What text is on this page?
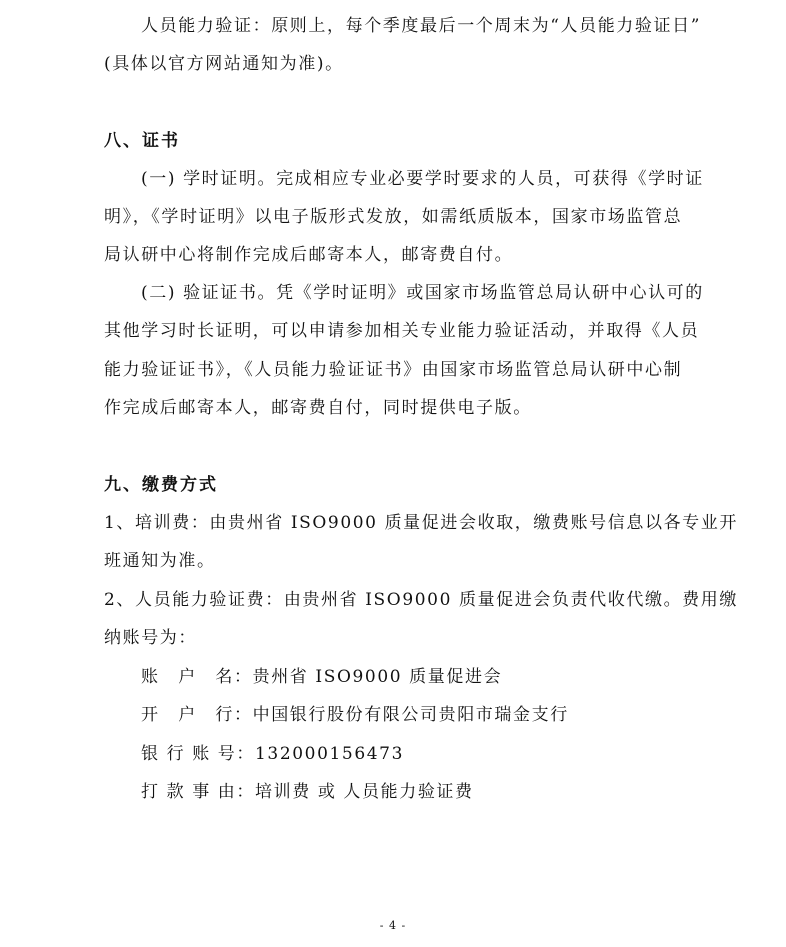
人员能力验证：原则上，每个季度最后一个周末为“人员能力验证日”
(具体以官方网站通知为准)。
八、证书
(一) 学时证明。完成相应专业必要学时要求的人员，可获得《学时证
明》，《学时证明》以电子版形式发放，如需纸质版本，国家市场监管总
局认研中心将制作完成后邮寄本人，邮寄费自付。
(二) 验证证书。凭《学时证明》或国家市场监管总局认研中心认可的
其他学习时长证明，可以申请参加相关专业能力验证活动，并取得《人员
能力验证证书》，《人员能力验证证书》由国家市场监管总局认研中心制
作完成后邮寄本人，邮寄费自付，同时提供电子版。
九、缴费方式
1、培训费：由贵州省 ISO9000 质量促进会收取，缴费账号信息以各专业开
班通知为准。
2、人员能力验证费：由贵州省 ISO9000 质量促进会负责代收代缴。费用缴
纳账号为：
账　户　名：贵州省 ISO9000 质量促进会
开　户　行：中国银行股份有限公司贵阳市瑞金支行
银 行 账 号：132000156473
打 款 事 由：培训费 或 人员能力验证费
- 4 -
